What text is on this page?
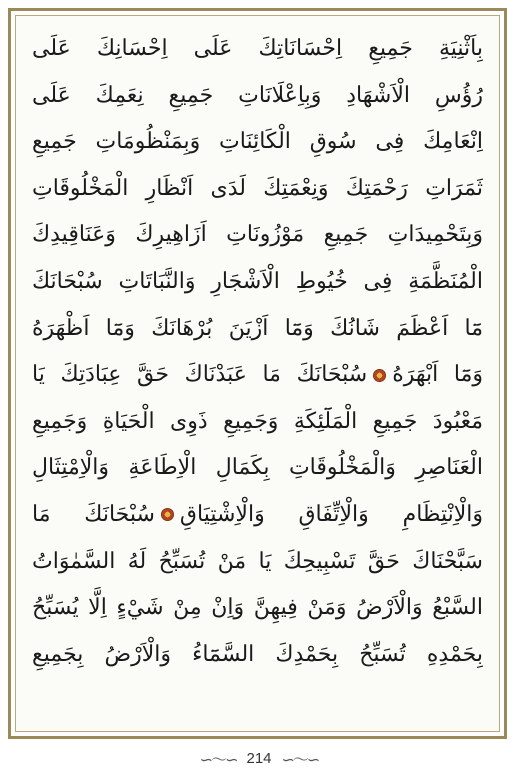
بِاَثْنِيَةِ جَمِيعِ اِحْسَانَاتِكَ عَلَى اِحْسَانِكَ عَلَى
رُؤُسِ الْاَشْهَادِ وَبِاِعْلَانَاتِ جَمِيعِ نِعَمِكَ عَلَى
اِنْعَامِكَ فِى سُوقِ الْكَائِنَاتِ وَبِمَنْظُومَاتِ جَمِيعِ
ثَمَرَاتِ رَحْمَتِكَ وَنِعْمَتِكَ لَدَى اَنْظَارِ الْمَخْلُوقَاتِ
وَبِتَحْمِيدَاتِ جَمِيعِ مَوْزُونَاتِ اَزَاهِيرِكَ وَعَنَاقِيدِكَ
الْمُنَظَّمَةِ فِى خُيُوطِ الْاَشْجَارِ وَالنَّبَاتَاتِ سُبْحَانَكَ
مَٓا اَعْظَمَ شَانُكَ وَمَٓا اَزْيَنَ بُرْهَانَكَ وَمَٓا اَظْهَرَهُ
وَمَٓا اَبْهَرَهُسُبْحَانَكَ مَا عَبَدْنَاكَ حَقَّ عِبَادَتِكَ يَا
مَعْبُودَ جَمِيعِ الْمَلَٓئِكَةِ وَجَمِيعِ ذَوِى الْحَيَاةِ وَجَمِيعِ
الْعَنَاصِرِ وَالْمَخْلُوقَاتِ بِكَمَالِ الْاِطَاعَةِ وَالْاِمْتِثَالِ
وَالْاِنْتِظَامِ وَالْاِتِّفَاقِ وَالْاِشْتِيَاقِسُبْحَانَكَ مَا
سَبَّحْنَاكَ حَقَّ تَسْبِيحِكَ يَا مَنْ تُسَبِّحُ لَهُ السَّمٰوَاتُ
السَّبْعُ وَالْاَرْضُ وَمَنْ فِيهِنَّ وَاِنْ مِنْ شَيْءٍ اِلَّا يُسَبِّحُ
بِحَمْدِهِ تُسَبِّحُ بِحَمْدِكَ السَّمَٓاءُ وَالْاَرْضُ بِجَمِيعِ
∽〜∽ 214 ∽〜∽
